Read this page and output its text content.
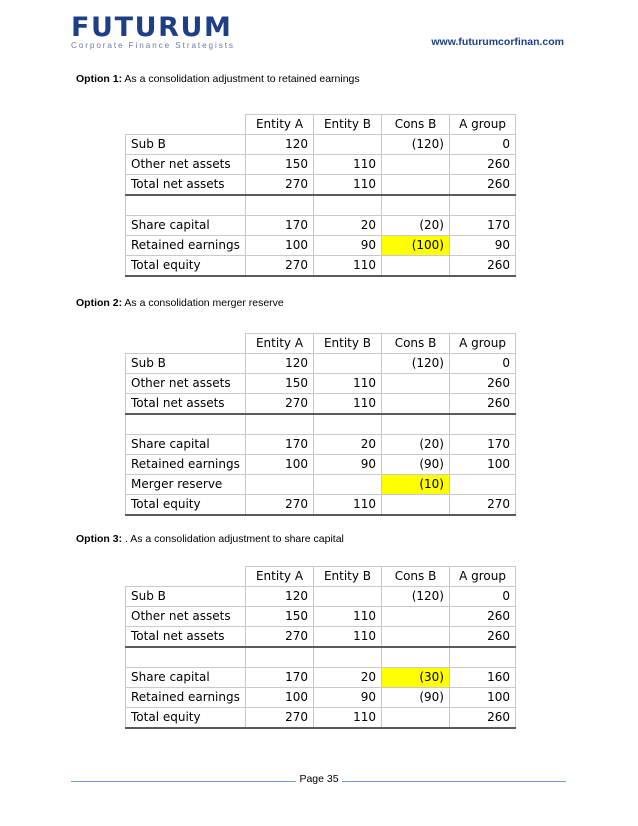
FUTURUM
Corporate Finance Strategists	www.futurumcorfinan.com
Option 1: As a consolidation adjustment to retained earnings
	Entity A	Entity B	Cons B	A group
Sub B	120		(120)	0
Other net assets	150	110		260
Total net assets	270	110		260

Share capital	170	20	(20)	170
Retained earnings	100	90	(100)	90
Total equity	270	110		260
Option 2: As a consolidation merger reserve
	Entity A	Entity B	Cons B	A group
Sub B	120		(120)	0
Other net assets	150	110		260
Total net assets	270	110		260

Share capital	170	20	(20)	170
Retained earnings	100	90	(90)	100
Merger reserve			(10)	
Total equity	270	110		270
Option 3: . As a consolidation adjustment to share capital
	Entity A	Entity B	Cons B	A group
Sub B	120		(120)	0
Other net assets	150	110		260
Total net assets	270	110		260

Share capital	170	20	(30)	160
Retained earnings	100	90	(90)	100
Total equity	270	110		260
Page 35
